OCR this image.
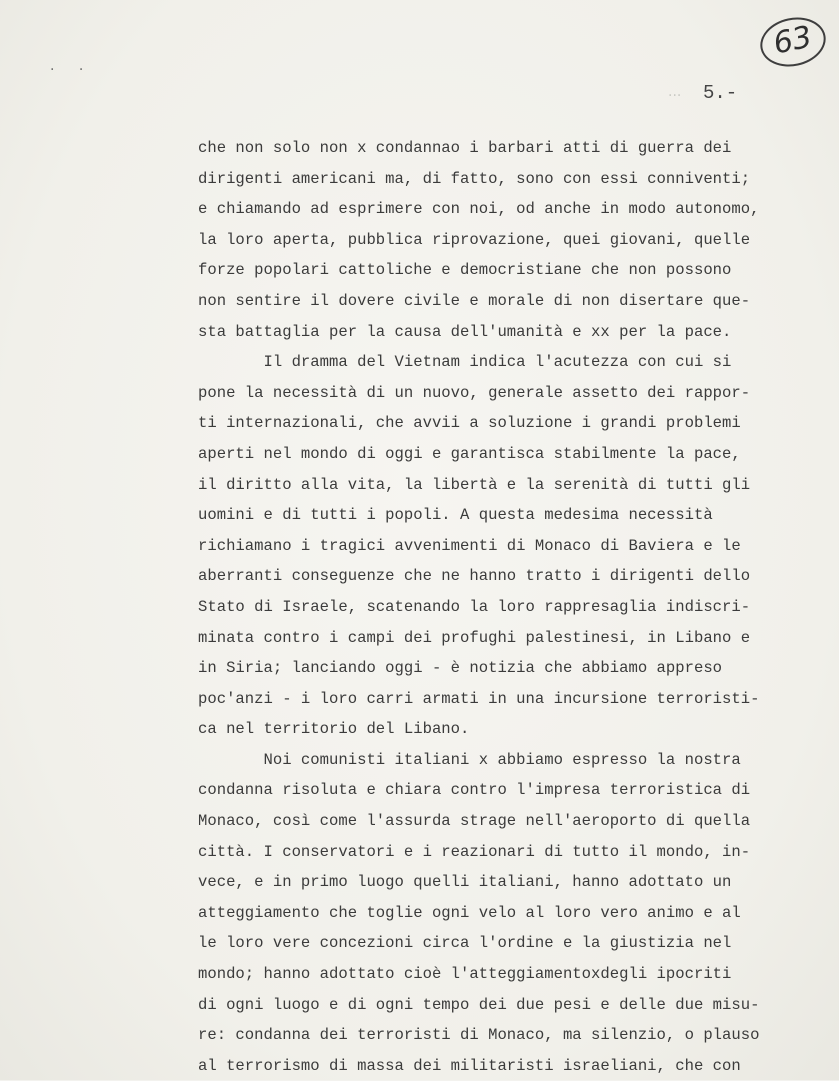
63
. .
··· 5.-
che non solo non x condannao i barbari atti di guerra dei
dirigenti americani ma, di fatto, sono con essi conniventi;
e chiamando ad esprimere con noi, od anche in modo autonomo,
la loro aperta, pubblica riprovazione, quei giovani, quelle
forze popolari cattoliche e democristiane che non possono
non sentire il dovere civile e morale di non disertare que-
sta battaglia per la causa dell'umanità e xx per la pace.
Il dramma del Vietnam indica l'acutezza con cui si
pone la necessità di un nuovo, generale assetto dei rappor-
ti internazionali, che avvii a soluzione i grandi problemi
aperti nel mondo di oggi e garantisca stabilmente la pace,
il diritto alla vita, la libertà e la serenità di tutti gli
uomini e di tutti i popoli. A questa medesima necessità
richiamano i tragici avvenimenti di Monaco di Baviera e le
aberranti conseguenze che ne hanno tratto i dirigenti dello
Stato di Israele, scatenando la loro rappresaglia indiscri-
minata contro i campi dei profughi palestinesi, in Libano e
in Siria; lanciando oggi - è notizia che abbiamo appreso
poc'anzi - i loro carri armati in una incursione terroristi-
ca nel territorio del Libano.
Noi comunisti italiani x abbiamo espresso la nostra
condanna risoluta e chiara contro l'impresa terroristica di
Monaco, così come l'assurda strage nell'aeroporto di quella
città. I conservatori e i reazionari di tutto il mondo, in-
vece, e in primo luogo quelli italiani, hanno adottato un
atteggiamento che toglie ogni velo al loro vero animo e al
le loro vere concezioni circa l'ordine e la giustizia nel
mondo; hanno adottato cioè l'atteggiamentoxdegli ipocriti
di ogni luogo e di ogni tempo dei due pesi e delle due misu-
re: condanna dei terroristi di Monaco, ma silenzio, o plauso
al terrorismo di massa dei militaristi israeliani, che con
